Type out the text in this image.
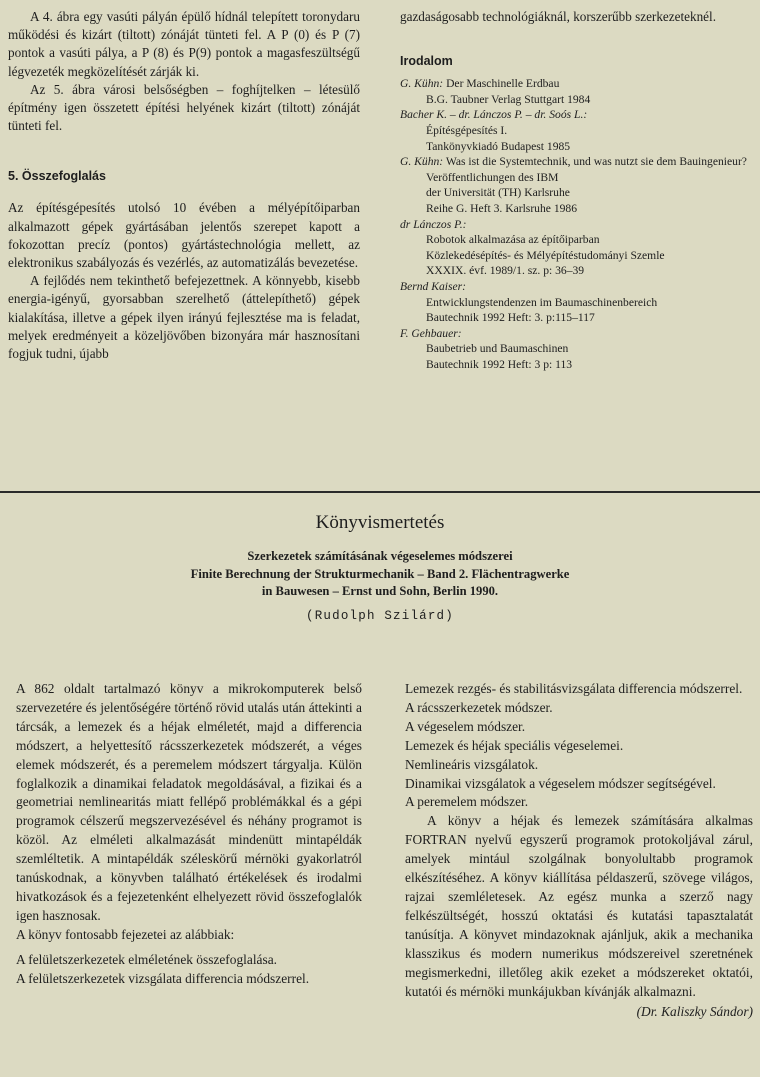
A 4. ábra egy vasúti pályán épülő hídnál telepített toronydaru működési és kizárt (tiltott) zónáját tünteti fel. A P (0) és P (7) pontok a vasúti pálya, a P (8) és P(9) pontok a magasfeszültségű légvezeték megközelítését zárják ki.

Az 5. ábra városi belsőségben – foghíjtelken – létesülő építmény igen összetett építési helyének kizárt (tiltott) zónáját tünteti fel.

5. Összefoglalás

Az építésgépesítés utolsó 10 évében a mélyépítőiparban alkalmazott gépek gyártásában jelentős szerepet kapott a fokozottan precíz (pontos) gyártástechnológia mellett, az elektronikus szabályozás és vezérlés, az automatizálás bevezetése.

A fejlődés nem tekinthető befejezettnek. A könnyebb, kisebb energia-igényű, gyorsabban szerelhető (áttelepíthető) gépek kialakítása, illetve a gépek ilyen irányú fejlesztése ma is feladat, melyek eredményeit a közeljövőben bizonyára már hasznosítani fogjuk tudni, újabb

gazdaságosabb technológiáknál, korszerűbb szerkezeteknél.

Irodalom

G. Kühn: Der Maschinelle Erdbau
B.G. Taubner Verlag Stuttgart 1984
Bacher K. – dr. Lánczos P. – dr. Soós L.:
Építésgépesítés I.
Tankönyvkiadó Budapest 1985
G. Kühn: Was ist die Systemtechnik, und was nutzt sie dem Bauingenieur?
Veröffentlichungen des IBM
der Universität (TH) Karlsruhe
Reihe G. Heft 3. Karlsruhe 1986
dr Lánczos P.:
Robotok alkalmazása az építőiparban
Közlekedésépítés- és Mélyépítéstudományi Szemle
XXXIX. évf. 1989/1. sz. p: 36–39
Bernd Kaiser:
Entwicklungstendenzen im Baumaschinenbereich
Bautechnik 1992 Heft: 3. p:115–117
F. Gehbauer:
Baubetrieb und Baumaschinen
Bautechnik 1992 Heft: 3 p: 113
Könyvismertetés
Szerkezetek számításának végeselemes módszerei
Finite Berechnung der Strukturmechanik – Band 2. Flächentragwerke
in Bauwesen – Ernst und Sohn, Berlin 1990.
(Rudolph Szilárd)

A 862 oldalt tartalmazó könyv a mikrokomputerek belső szervezetére és jelentőségére történő rövid utalás után áttekinti a tárcsák, a lemezek és a héjak elméletét, majd a differencia módszert, a helyettesítő rácsszerkezetek módszerét, a véges elemek módszerét, és a peremelem módszert tárgyalja. Külön foglalkozik a dinamikai feladatok megoldásával, a fizikai és a geometriai nemlinearitás miatt fellépő problémákkal és a gépi programok célszerű megszervezésével és néhány programot is közöl. Az elméleti alkalmazását mindenütt mintapéldák szemléltetik. A mintapéldák széleskörű mérnöki gyakorlatról tanúskodnak, a könyvben található értékelések és irodalmi hivatkozások és a fejezetenként elhelyezett rövid összefoglalók igen hasznosak.

A könyv fontosabb fejezetei az alábbiak:

A felületszerkezetek elméletének összefoglalása.

A felületszerkezetek vizsgálata differencia módszerrel.

Lemezek rezgés- és stabilitásvizsgálata differencia módszerrel.

A rácsszerkezetek módszer.

A végeselem módszer.

Lemezek és héjak speciális végeselemei.

Nemlineáris vizsgálatok.

Dinamikai vizsgálatok a végeselem módszer segítségével.

A peremelem módszer.

A könyv a héjak és lemezek számítására alkalmas FORTRAN nyelvű egyszerű programok protokoljával zárul, amelyek mintául szolgálnak bonyolultabb programok elkészítéséhez. A könyv kiállítása példaszerű, szövege világos, rajzai szemléletesek. Az egész munka a szerző nagy felkészültségét, hosszú oktatási és kutatási tapasztalatát tanúsítja. A könyvet mindazoknak ajánljuk, akik a mechanika klasszikus és modern numerikus módszereivel szeretnének megismerkedni, illetőleg akik ezeket a módszereket oktatói, kutatói és mérnöki munkájukban kívánják alkalmazni.

(Dr. Kaliszky Sándor)
